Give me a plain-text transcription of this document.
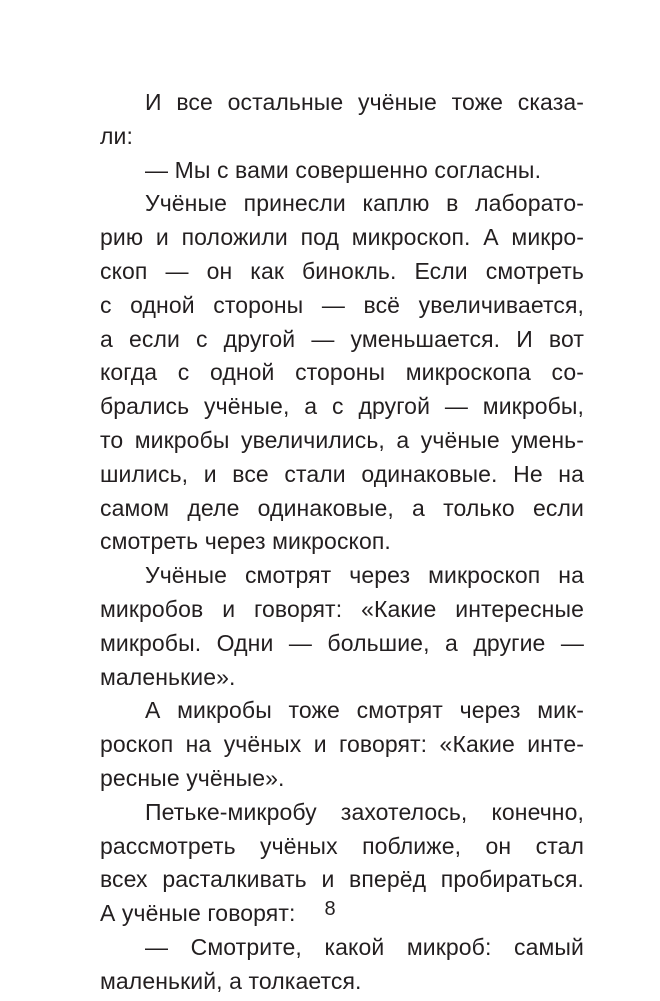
И все остальные учёные тоже сказа-
ли:
— Мы с вами совершенно согласны.
Учёные принесли каплю в лаборато-
рию и положили под микроскоп. А микро-
скоп — он как бинокль. Если смотреть
с одной стороны — всё увеличивается,
а если с другой — уменьшается. И вот
когда с одной стороны микроскопа со-
брались учёные, а с другой — микробы,
то микробы увеличились, а учёные умень-
шились, и все стали одинаковые. Не на
самом деле одинаковые, а только если
смотреть через микроскоп.
Учёные смотрят через микроскоп на
микробов и говорят: «Какие интересные
микробы. Одни — большие, а другие —
маленькие».
А микробы тоже смотрят через мик-
роскоп на учёных и говорят: «Какие инте-
ресные учёные».
Петьке-микробу захотелось, конечно,
рассмотреть учёных поближе, он стал
всех расталкивать и вперёд пробираться.
А учёные говорят:
— Смотрите, какой микроб: самый
маленький, а толкается.
8
